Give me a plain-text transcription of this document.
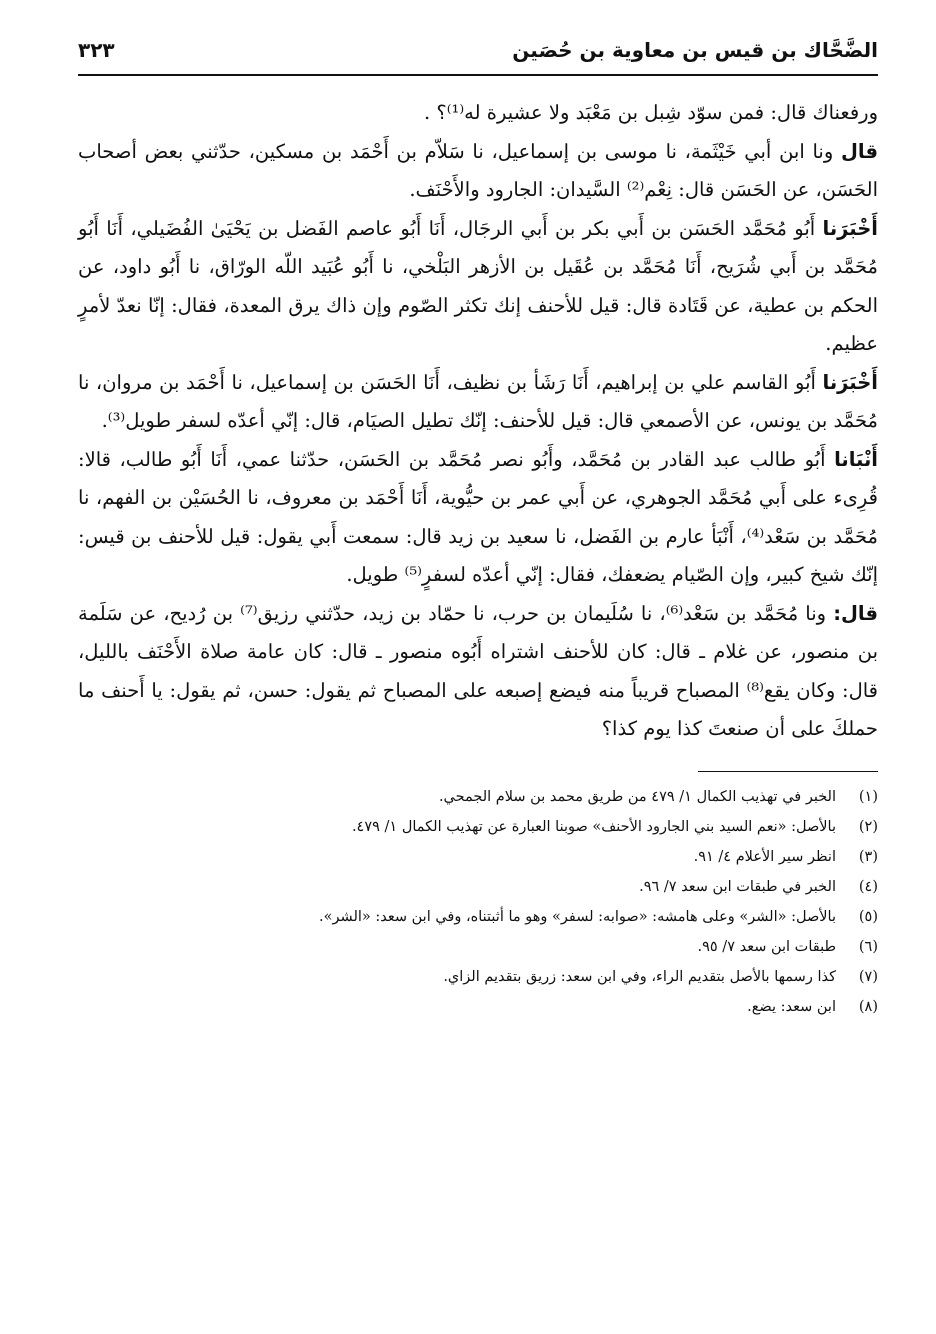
الضَّحَّاك بن قيس بن معاوية بن حُصَين
٣٢٣

ورفعناك قال: فمن سوّد شِبل بن مَعْبَد ولا عشيرة له⁽¹⁾؟ .

قال ونا ابن أبي خَيْثَمة، نا موسى بن إسماعيل، نا سَلاّم بن أَحْمَد بن مسكين، حدّثني بعض أصحاب الحَسَن، عن الحَسَن قال: نِعْم⁽²⁾ السَّيدان: الجارود والأَحْنَف.

أَخْبَرَنا أَبُو مُحَمَّد الحَسَن بن أَبي بكر بن أَبي الرجَال، أَنَا أَبُو عاصم الفَضل بن يَحْيَىٰ الفُضَيلي، أَنَا أَبُو مُحَمَّد بن أَبي شُرَيح، أَنَا مُحَمَّد بن عُقَيل بن الأزهر البَلْخي، نا أَبُو عُبَيد اللّه الورّاق، نا أَبُو داود، عن الحكم بن عطية، عن قَتَادة قال: قيل للأحنف إنك تكثر الصّوم وإن ذاك يرق المعدة، فقال: إنّا نعدّ لأمرٍ عظيم.

أَخْبَرَنا أَبُو القاسم علي بن إبراهيم، أَنَا رَشَأ بن نظيف، أَنَا الحَسَن بن إسماعيل، نا أَحْمَد بن مروان، نا مُحَمَّد بن يونس، عن الأصمعي قال: قيل للأحنف: إنّك تطيل الصيَام، قال: إنّي أعدّه لسفر طويل⁽³⁾.

أَنْبَانا أَبُو طالب عبد القادر بن مُحَمَّد، وأَبُو نصر مُحَمَّد بن الحَسَن، حدّثنا عمي، أَنَا أَبُو طالب، قالا: قُرِىء على أَبي مُحَمَّد الجوهري، عن أَبي عمر بن حيُّوية، أَنَا أَحْمَد بن معروف، نا الحُسَيْن بن الفهم، نا مُحَمَّد بن سَعْد⁽⁴⁾، أَنْبَأ عارم بن الفَضل، نا سعيد بن زيد قال: سمعت أَبي يقول: قيل للأحنف بن قيس: إنّك شيخ كبير، وإن الصّيام يضعفك، فقال: إنّي أعدّه لسفرٍ⁽⁵⁾ طويل.

قال: ونا مُحَمَّد بن سَعْد⁽⁶⁾، نا سُلَيمان بن حرب، نا حمّاد بن زيد، حدّثني رزيق⁽⁷⁾ بن رُديح، عن سَلَمة بن منصور، عن غلام ـ قال: كان للأحنف اشتراه أَبُوه منصور ـ قال: كان عامة صلاة الأَحْنَف بالليل، قال: وكان يقع⁽⁸⁾ المصباح قريباً منه فيضع إصبعه على المصباح ثم يقول: حسن، ثم يقول: يا أَحنف ما حملكَ على أن صنعتَ كذا يوم كذا؟

(١)
الخبر في تهذيب الكمال ١/ ٤٧٩ من طريق محمد بن سلام الجمحي.
(٢)
بالأصل: «نعم السيد بني الجارود الأحنف» صوبنا العبارة عن تهذيب الكمال ١/ ٤٧٩.
(٣)
انظر سير الأعلام ٤/ ٩١.
(٤)
الخبر في طبقات ابن سعد ٧/ ٩٦.
(٥)
بالأصل: «الشر» وعلى هامشه: «صوابه: لسفر» وهو ما أثبتناه، وفي ابن سعد: «الشر».
(٦)
طبقات ابن سعد ٧/ ٩٥.
(٧)
كذا رسمها بالأصل بتقديم الراء، وفي ابن سعد: زريق بتقديم الزاي.
(٨)
ابن سعد: يضع.
